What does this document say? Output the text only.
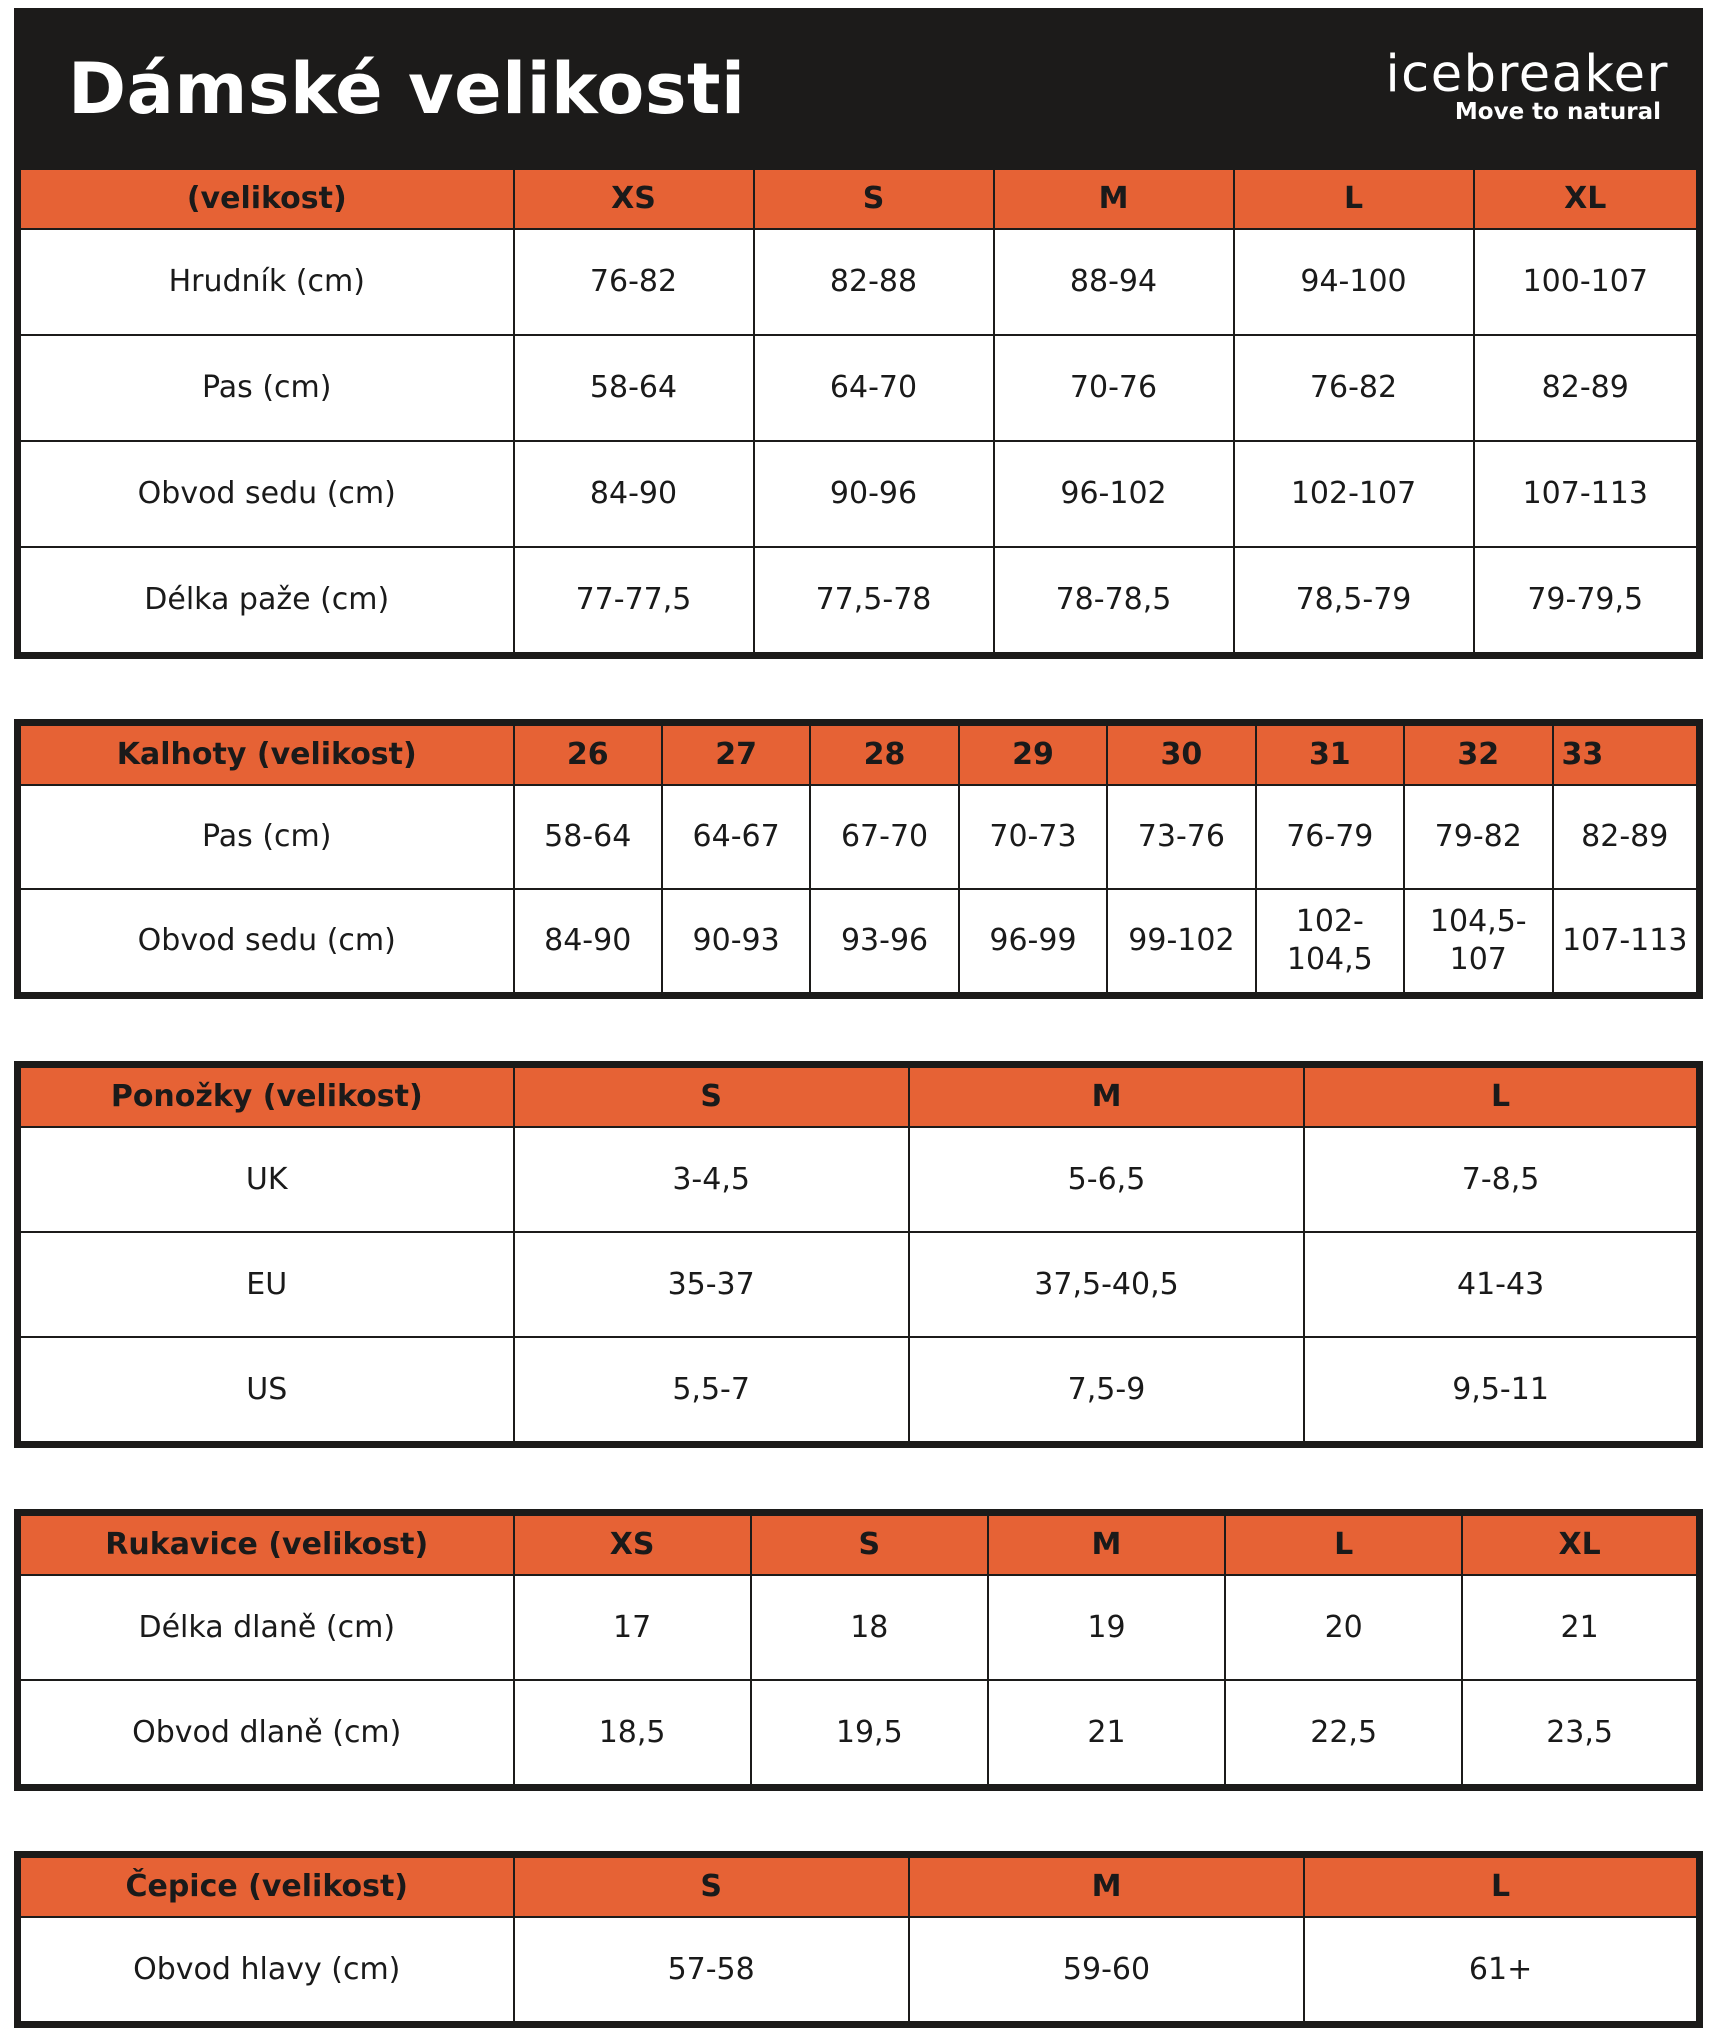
Dámské velikosti	icebreaker
Move to natural
(velikost)	XS	S	M	L	XL
Hrudník (cm)	76-82	82-88	88-94	94-100	100-107
Pas (cm)	58-64	64-70	70-76	76-82	82-89
Obvod sedu (cm)	84-90	90-96	96-102	102-107	107-113
Délka paže (cm)	77-77,5	77,5-78	78-78,5	78,5-79	79-79,5
Kalhoty (velikost)	26	27	28	29	30	31	32	33
Pas (cm)	58-64	64-67	67-70	70-73	73-76	76-79	79-82	82-89
Obvod sedu (cm)	84-90	90-93	93-96	96-99	99-102	102-104,5	104,5-107	107-113
Ponožky (velikost)	S	M	L
UK	3-4,5	5-6,5	7-8,5
EU	35-37	37,5-40,5	41-43
US	5,5-7	7,5-9	9,5-11
Rukavice (velikost)	XS	S	M	L	XL
Délka dlaně (cm)	17	18	19	20	21
Obvod dlaně (cm)	18,5	19,5	21	22,5	23,5
Čepice (velikost)	S	M	L
Obvod hlavy (cm)	57-58	59-60	61+
